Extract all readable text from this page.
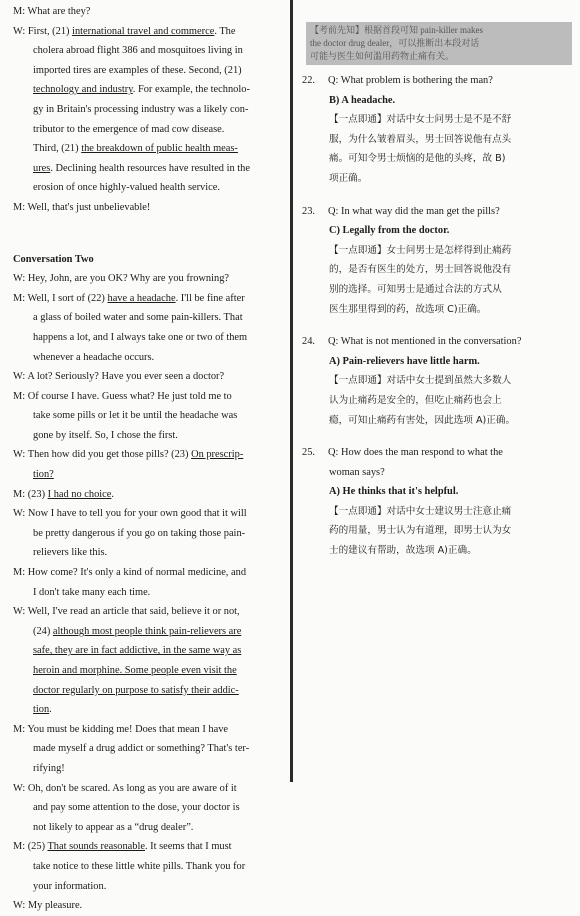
M: What are they?
W: First, (21) international travel and commerce. The
cholera abroad flight 386 and mosquitoes living in
imported tires are examples of these. Second, (21)
technology and industry. For example, the technolo-
gy in Britain's processing industry was a likely con-
tributor to the emergence of mad cow disease.
Third, (21) the breakdown of public health meas-
ures. Declining health resources have resulted in the
erosion of once highly-valued health service.
M: Well, that's just unbelievable!
Conversation Two
W: Hey, John, are you OK? Why are you frowning?
M: Well, I sort of (22) have a headache. I'll be fine after
a glass of boiled water and some pain-killers. That
happens a lot, and I always take one or two of them
whenever a headache occurs.
W: A lot? Seriously? Have you ever seen a doctor?
M: Of course I have. Guess what? He just told me to
take some pills or let it be until the headache was
gone by itself. So, I chose the first.
W: Then how did you get those pills? (23) On prescrip-
tion?
M: (23) I had no choice.
W: Now I have to tell you for your own good that it will
be pretty dangerous if you go on taking those pain-
relievers like this.
M: How come? It's only a kind of normal medicine, and
I don't take many each time.
W: Well, I've read an article that said, believe it or not,
(24) although most people think pain-relievers are
safe, they are in fact addictive, in the same way as
heroin and morphine. Some people even visit the
doctor regularly on purpose to satisfy their addic-
tion.
M: You must be kidding me! Does that mean I have
made myself a drug addict or something? That's ter-
rifying!
W: Oh, don't be scared. As long as you are aware of it
and pay some attention to the dose, your doctor is
not likely to appear as a “drug dealer”.
M: (25) That sounds reasonable. It seems that I must
take notice to these little white pills. Thank you for
your information.
W: My pleasure.
【考前先知】根据首段可知 pain-killer makes
the doctor drug dealer，可以推断出本段对话
可能与医生如何滥用药物止痛有关。
22. Q: What problem is bothering the man?
B) A headache.
【一点即通】对话中女士问男士是不是不舒
服，为什么皱着眉头，男士回答说他有点头
痛。可知令男士烦恼的是他的头疼，故 B)
项正确。
23. Q: In what way did the man get the pills?
C) Legally from the doctor.
【一点即通】女士问男士是怎样得到止痛药
的，是否有医生的处方，男士回答说他没有
别的选择。可知男士是通过合法的方式从
医生那里得到的药，故选项 C)正确。
24. Q: What is not mentioned in the conversation?
A) Pain-relievers have little harm.
【一点即通】对话中女士提到虽然大多数人
认为止痛药是安全的，但吃止痛药也会上
瘾，可知止痛药有害处，因此选项 A)正确。
25. Q: How does the man respond to what the
woman says?
A) He thinks that it's helpful.
【一点即通】对话中女士建议男士注意止痛
药的用量，男士认为有道理，即男士认为女
士的建议有帮助，故选项 A)正确。
